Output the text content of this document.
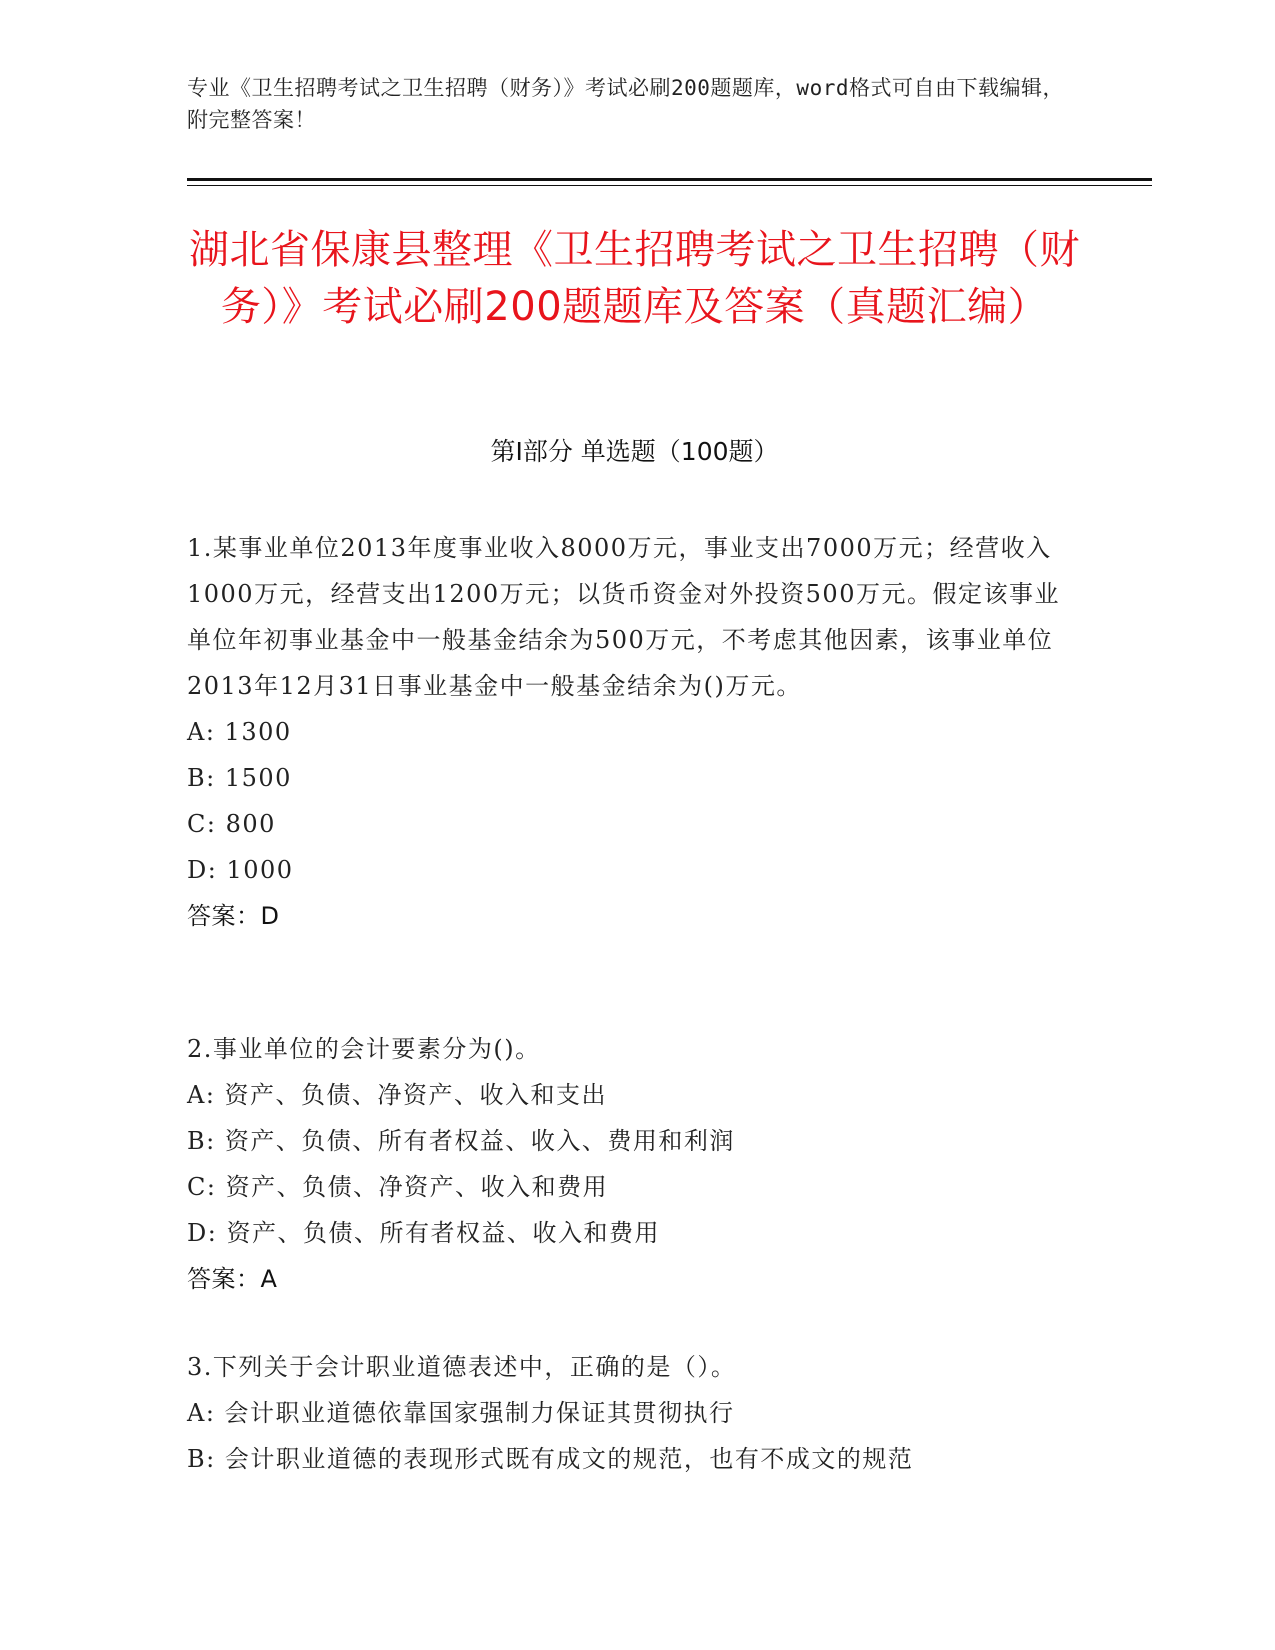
专业《卫生招聘考试之卫生招聘（财务）》考试必刷200题题库，word格式可自由下载编辑，附完整答案！
湖北省保康县整理《卫生招聘考试之卫生招聘（财务）》考试必刷200题题库及答案（真题汇编）
第I部分 单选题（100题）

1.某事业单位2013年度事业收入8000万元，事业支出7000万元；经营收入1000万元，经营支出1200万元；以货币资金对外投资500万元。假定该事业单位年初事业基金中一般基金结余为500万元，不考虑其他因素，该事业单位2013年12月31日事业基金中一般基金结余为()万元。

A: 1300

B: 1500

C: 800

D: 1000

答案：D

2.事业单位的会计要素分为()。

A: 资产、负债、净资产、收入和支出

B: 资产、负债、所有者权益、收入、费用和利润

C: 资产、负债、净资产、收入和费用

D: 资产、负债、所有者权益、收入和费用

答案：A

3.下列关于会计职业道德表述中，正确的是（）。

A: 会计职业道德依靠国家强制力保证其贯彻执行

B: 会计职业道德的表现形式既有成文的规范，也有不成文的规范
